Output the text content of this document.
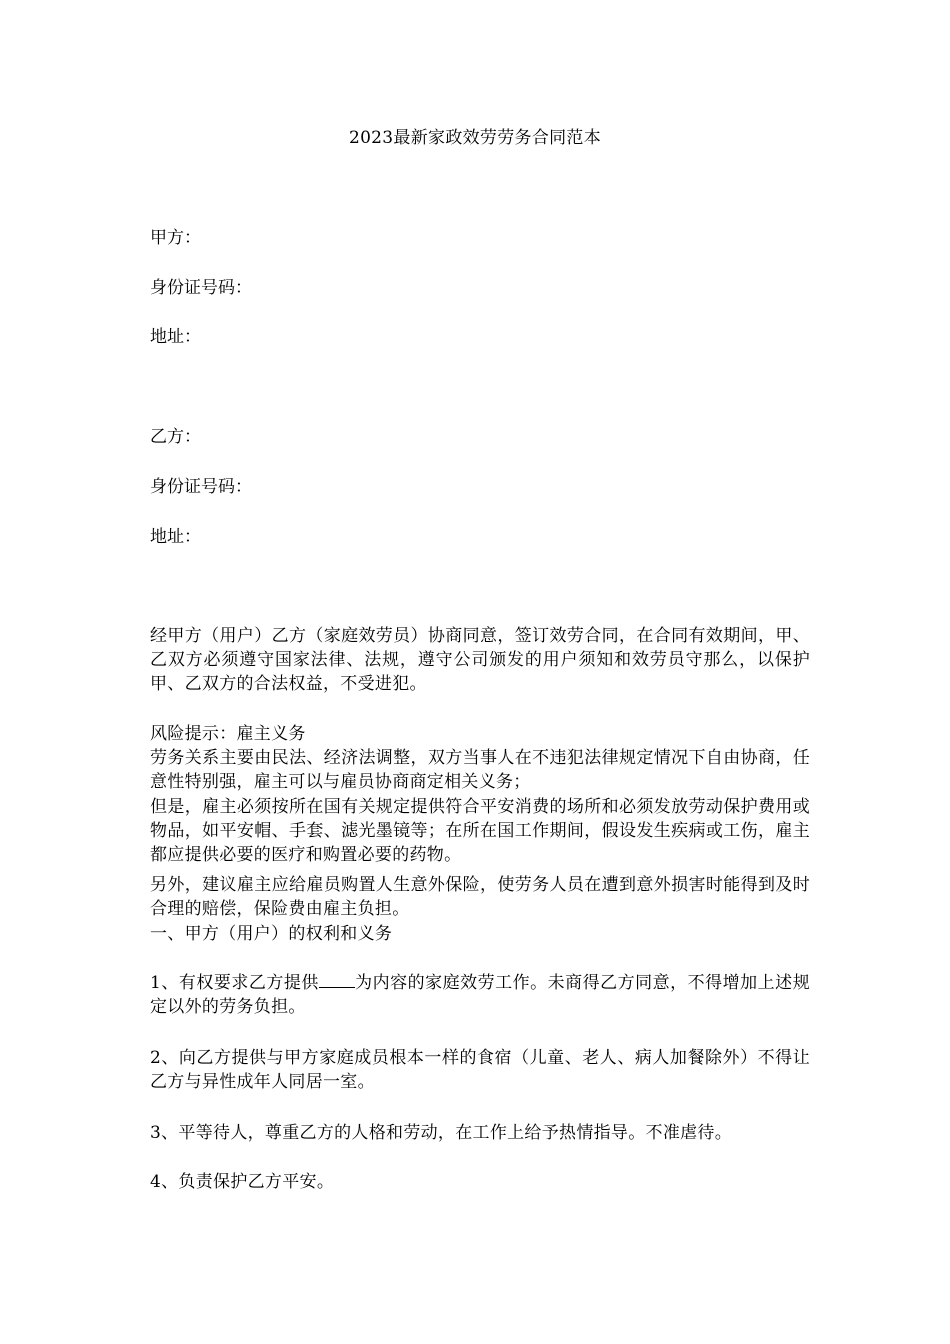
2023最新家政效劳劳务合同范本
甲方：
身份证号码：
地址：
乙方：
身份证号码：
地址：
经甲方（用户）乙方（家庭效劳员）协商同意，签订效劳合同，在合同有效期间，甲、乙双方必须遵守国家法律、法规，遵守公司颁发的用户须知和效劳员守那么，以保护甲、乙双方的合法权益，不受进犯。
风险提示：雇主义务
劳务关系主要由民法、经济法调整，双方当事人在不违犯法律规定情况下自由协商，任意性特别强，雇主可以与雇员协商商定相关义务；
但是，雇主必须按所在国有关规定提供符合平安消费的场所和必须发放劳动保护费用或物品，如平安帽、手套、滤光墨镜等；在所在国工作期间，假设发生疾病或工伤，雇主都应提供必要的医疗和购置必要的药物。
另外，建议雇主应给雇员购置人生意外保险，使劳务人员在遭到意外损害时能得到及时合理的赔偿，保险费由雇主负担。
一、甲方（用户）的权利和义务
1、有权要求乙方提供 为内容的家庭效劳工作。未商得乙方同意，不得增加上述规定以外的劳务负担。
2、向乙方提供与甲方家庭成员根本一样的食宿（儿童、老人、病人加餐除外）不得让乙方与异性成年人同居一室。
3、平等待人，尊重乙方的人格和劳动，在工作上给予热情指导。不准虐待。
4、负责保护乙方平安。
